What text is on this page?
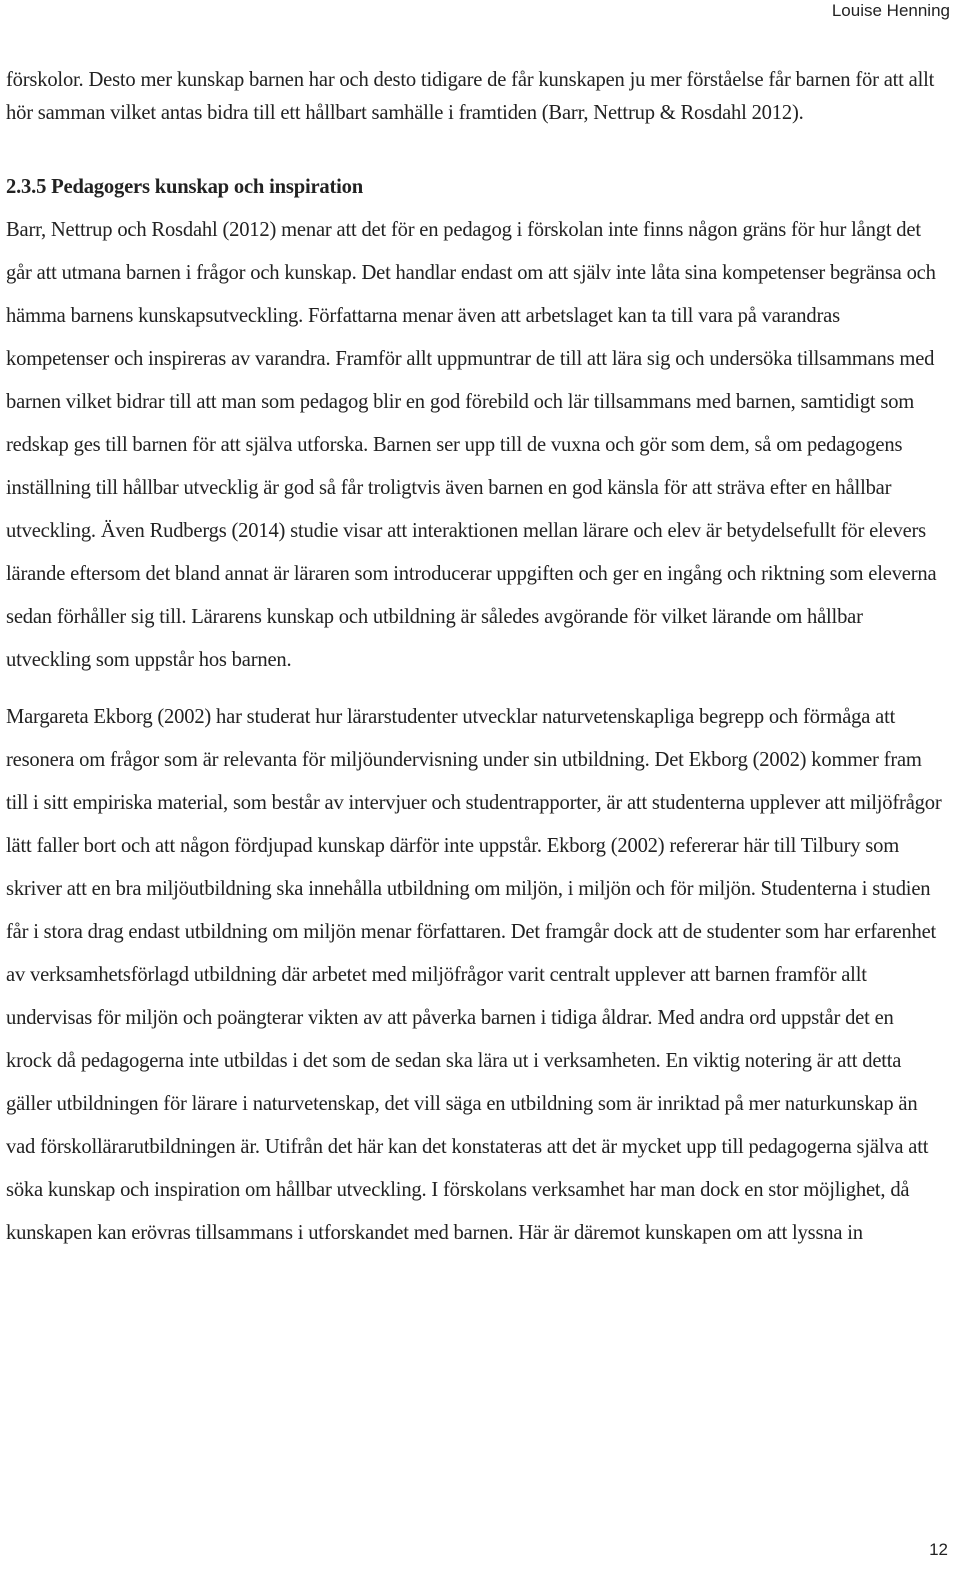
Louise Henning

förskolor. Desto mer kunskap barnen har och desto tidigare de får kunskapen ju mer förståelse får barnen för att allt hör samman vilket antas bidra till ett hållbart samhälle i framtiden (Barr, Nettrup & Rosdahl 2012).

2.3.5 Pedagogers kunskap och inspiration

Barr, Nettrup och Rosdahl (2012) menar att det för en pedagog i förskolan inte finns någon gräns för hur långt det går att utmana barnen i frågor och kunskap. Det handlar endast om att själv inte låta sina kompetenser begränsa och hämma barnens kunskapsutveckling. Författarna menar även att arbetslaget kan ta till vara på varandras kompetenser och inspireras av varandra. Framför allt uppmuntrar de till att lära sig och undersöka tillsammans med barnen vilket bidrar till att man som pedagog blir en god förebild och lär tillsammans med barnen, samtidigt som redskap ges till barnen för att själva utforska. Barnen ser upp till de vuxna och gör som dem, så om pedagogens inställning till hållbar utvecklig är god så får troligtvis även barnen en god känsla för att sträva efter en hållbar utveckling. Även Rudbergs (2014) studie visar att interaktionen mellan lärare och elev är betydelsefullt för elevers lärande eftersom det bland annat är läraren som introducerar uppgiften och ger en ingång och riktning som eleverna sedan förhåller sig till. Lärarens kunskap och utbildning är således avgörande för vilket lärande om hållbar utveckling som uppstår hos barnen.

Margareta Ekborg (2002) har studerat hur lärarstudenter utvecklar naturvetenskapliga begrepp och förmåga att resonera om frågor som är relevanta för miljöundervisning under sin utbildning. Det Ekborg (2002) kommer fram till i sitt empiriska material, som består av intervjuer och studentrapporter, är att studenterna upplever att miljöfrågor lätt faller bort och att någon fördjupad kunskap därför inte uppstår. Ekborg (2002) refererar här till Tilbury som skriver att en bra miljöutbildning ska innehålla utbildning om miljön, i miljön och för miljön. Studenterna i studien får i stora drag endast utbildning om miljön menar författaren. Det framgår dock att de studenter som har erfarenhet av verksamhetsförlagd utbildning där arbetet med miljöfrågor varit centralt upplever att barnen framför allt undervisas för miljön och poängterar vikten av att påverka barnen i tidiga åldrar. Med andra ord uppstår det en krock då pedagogerna inte utbildas i det som de sedan ska lära ut i verksamheten. En viktig notering är att detta gäller utbildningen för lärare i naturvetenskap, det vill säga en utbildning som är inriktad på mer naturkunskap än vad förskollärarutbildningen är. Utifrån det här kan det konstateras att det är mycket upp till pedagogerna själva att söka kunskap och inspiration om hållbar utveckling. I förskolans verksamhet har man dock en stor möjlighet, då kunskapen kan erövras tillsammans i utforskandet med barnen. Här är däremot kunskapen om att lyssna in

12
